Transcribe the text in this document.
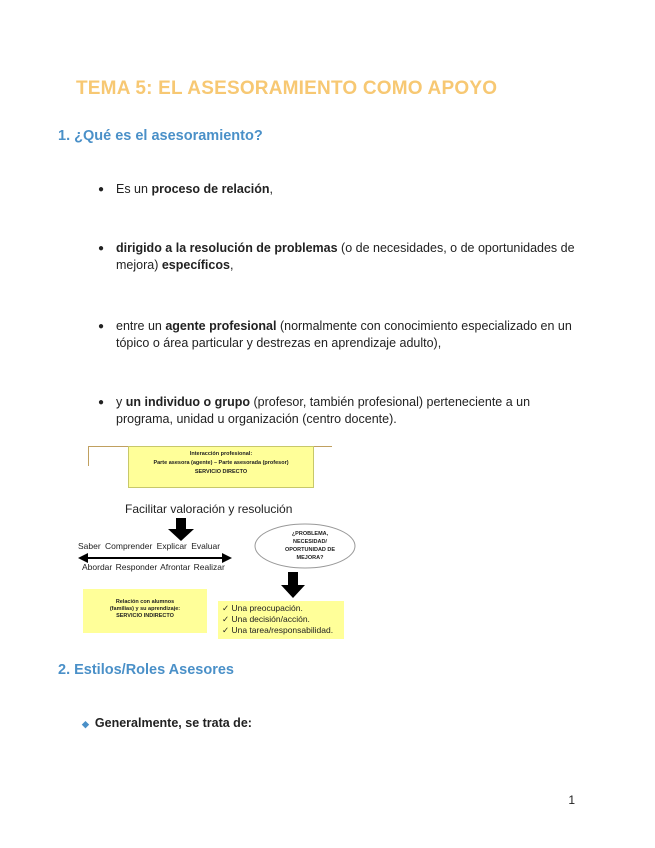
TEMA 5: EL ASESORAMIENTO COMO APOYO
1. ¿Qué es el asesoramiento?
● Es un proceso de relación,
● dirigido a la resolución de problemas (o de necesidades, o de oportunidades de mejora) específicos,
● entre un agente profesional (normalmente con conocimiento especializado en un tópico o área particular y destrezas en aprendizaje adulto),
● y un individuo o grupo (profesor, también profesional) perteneciente a un programa, unidad u organización (centro docente).
Interacción profesional:
Parte asesora (agente) – Parte asesorada (profesor)
SERVICIO DIRECTO
Facilitar valoración y resolución
¿PROBLEMA,
NECESIDAD/
OPORTUNIDAD DE
MEJORA?
Saber Comprender Explicar Evaluar
Abordar Responder Afrontar Realizar
Relación con alumnos
(familias) y su aprendizaje:
SERVICIO INDIRECTO
✓ Una preocupación.
✓ Una decisión/acción.
✓ Una tarea/responsabilidad.
2. Estilos/Roles Asesores
◆ Generalmente, se trata de:
1
